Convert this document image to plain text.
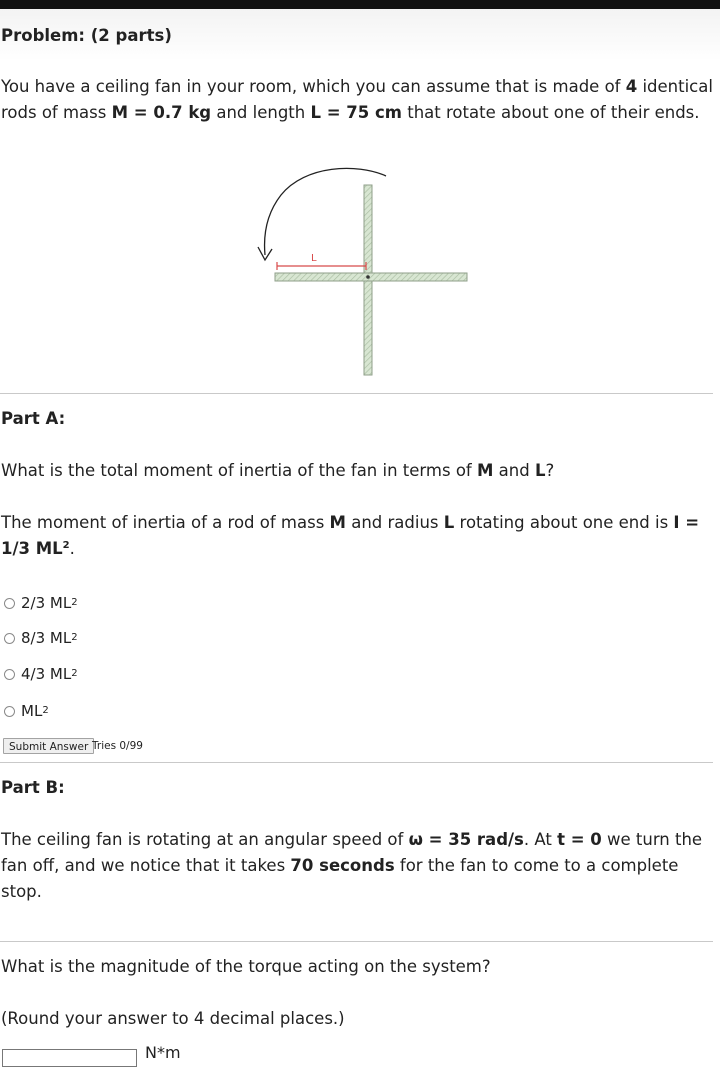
Problem: (2 parts)
You have a ceiling fan in your room, which you can assume that is made of 4 identical rods of mass M = 0.7 kg and length L = 75 cm that rotate about one of their ends.
L
Part A:
What is the total moment of inertia of the fan in terms of M and L?
The moment of inertia of a rod of mass M and radius L rotating about one end is I = 1/3 $ML^2$.
2/3 ML 2
8/3 ML 2
4/3 ML 2
ML 2
Submit Answer Tries 0/99
Part B:
The ceiling fan is rotating at an angular speed of ω = 35 rad/s. At t = 0 we turn the fan off, and we notice that it takes 70 seconds for the fan to come to a complete stop.
What is the magnitude of the torque acting on the system?
(Round your answer to 4 decimal places.)
N*m
